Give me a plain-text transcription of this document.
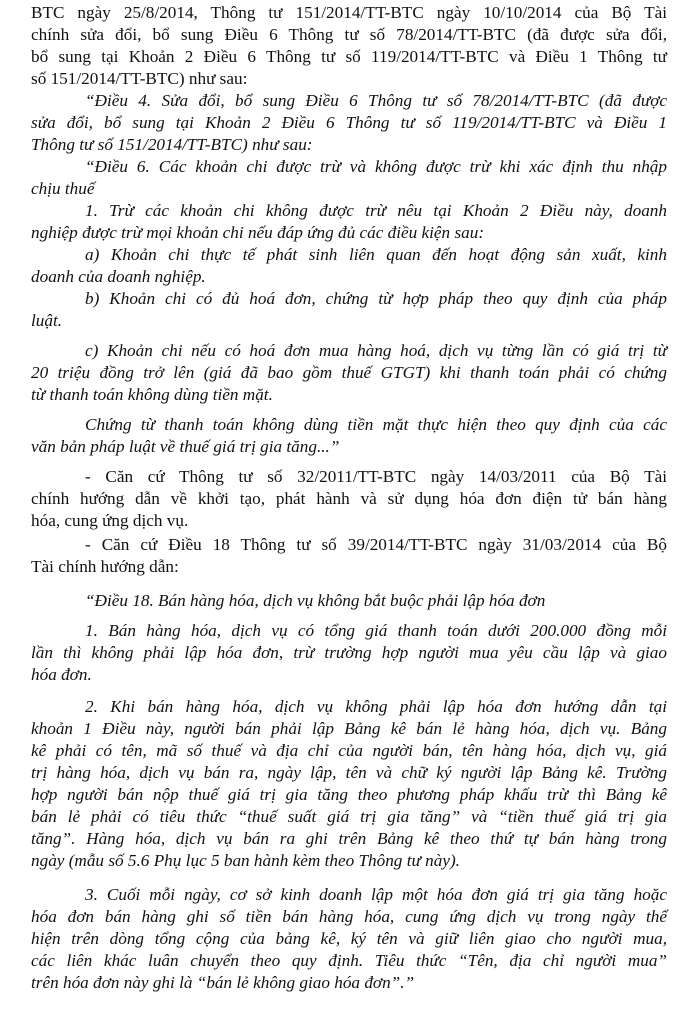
BTC ngày 25/8/2014, Thông tư 151/2014/TT-BTC ngày 10/10/2014 của Bộ Tài
chính sửa đổi, bổ sung Điều 6 Thông tư số 78/2014/TT-BTC (đã được sửa đổi,
bổ sung tại Khoản 2 Điều 6 Thông tư số 119/2014/TT-BTC và Điều 1 Thông tư
số 151/2014/TT-BTC) như sau:
“Điều 4. Sửa đổi, bổ sung Điều 6 Thông tư số 78/2014/TT-BTC (đã được
sửa đổi, bổ sung tại Khoản 2 Điều 6 Thông tư số 119/2014/TT-BTC và Điều 1
Thông tư số 151/2014/TT-BTC) như sau:
“Điều 6. Các khoản chi được trừ và không được trừ khi xác định thu nhập
chịu thuế
1. Trừ các khoản chi không được trừ nêu tại Khoản 2 Điều này, doanh
nghiệp được trừ mọi khoản chi nếu đáp ứng đủ các điều kiện sau:
a) Khoản chi thực tế phát sinh liên quan đến hoạt động sản xuất, kinh
doanh của doanh nghiệp.
b) Khoản chi có đủ hoá đơn, chứng từ hợp pháp theo quy định của pháp
luật.
c) Khoản chi nếu có hoá đơn mua hàng hoá, dịch vụ từng lần có giá trị từ
20 triệu đồng trở lên (giá đã bao gồm thuế GTGT) khi thanh toán phải có chứng
từ thanh toán không dùng tiền mặt.
Chứng từ thanh toán không dùng tiền mặt thực hiện theo quy định của các
văn bản pháp luật về thuế giá trị gia tăng...”
- Căn cứ Thông tư số 32/2011/TT-BTC ngày 14/03/2011 của Bộ Tài
chính hướng dẫn về khởi tạo, phát hành và sử dụng hóa đơn điện tử bán hàng
hóa, cung ứng dịch vụ.
- Căn cứ Điều 18 Thông tư số 39/2014/TT-BTC ngày 31/03/2014 của Bộ
Tài chính hướng dẫn:
“Điều 18. Bán hàng hóa, dịch vụ không bắt buộc phải lập hóa đơn
1. Bán hàng hóa, dịch vụ có tổng giá thanh toán dưới 200.000 đồng mỗi
lần thì không phải lập hóa đơn, trừ trường hợp người mua yêu cầu lập và giao
hóa đơn.
2. Khi bán hàng hóa, dịch vụ không phải lập hóa đơn hướng dẫn tại
khoản 1 Điều này, người bán phải lập Bảng kê bán lẻ hàng hóa, dịch vụ. Bảng
kê phải có tên, mã số thuế và địa chỉ của người bán, tên hàng hóa, dịch vụ, giá
trị hàng hóa, dịch vụ bán ra, ngày lập, tên và chữ ký người lập Bảng kê. Trường
hợp người bán nộp thuế giá trị gia tăng theo phương pháp khấu trừ thì Bảng kê
bán lẻ phải có tiêu thức “thuế suất giá trị gia tăng” và “tiền thuế giá trị gia
tăng”. Hàng hóa, dịch vụ bán ra ghi trên Bảng kê theo thứ tự bán hàng trong
ngày (mẫu số 5.6 Phụ lục 5 ban hành kèm theo Thông tư này).
3. Cuối mỗi ngày, cơ sở kinh doanh lập một hóa đơn giá trị gia tăng hoặc
hóa đơn bán hàng ghi số tiền bán hàng hóa, cung ứng dịch vụ trong ngày thể
hiện trên dòng tổng cộng của bảng kê, ký tên và giữ liên giao cho người mua,
các liên khác luân chuyển theo quy định. Tiêu thức “Tên, địa chỉ người mua”
trên hóa đơn này ghi là “bán lẻ không giao hóa đơn”.”
